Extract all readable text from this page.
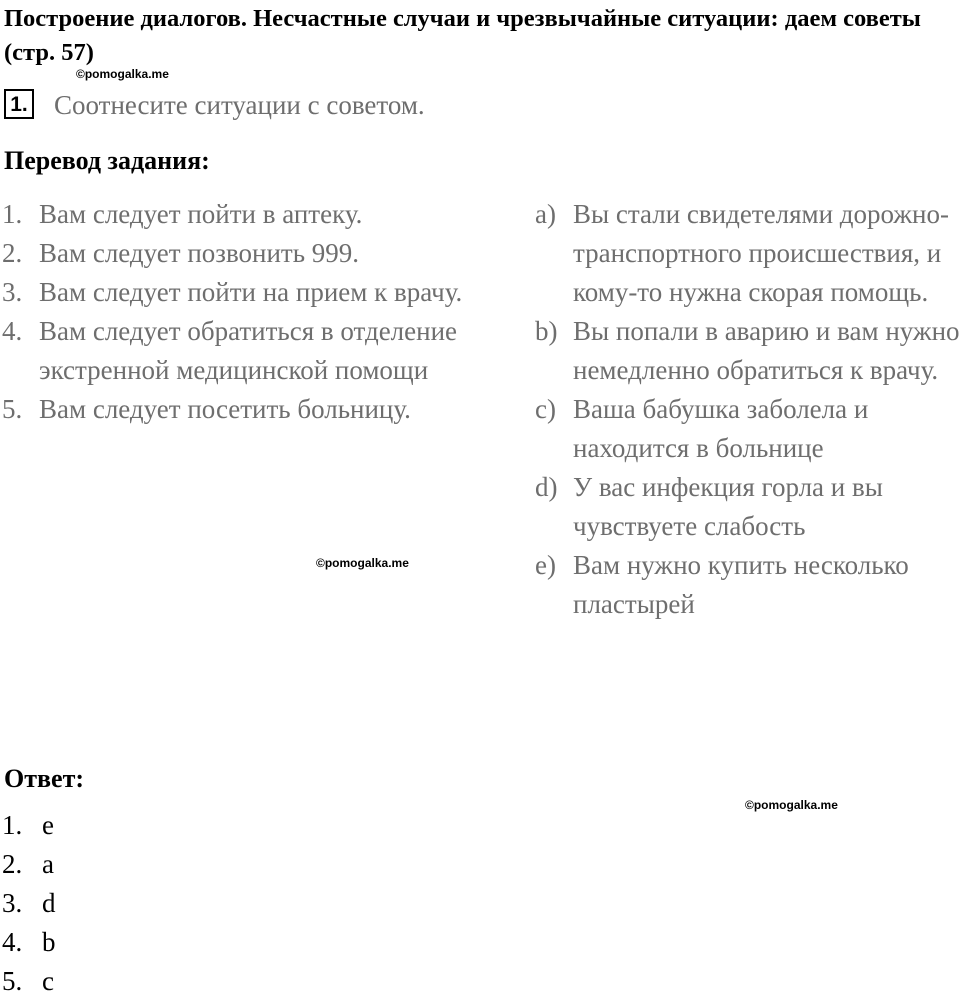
Построение диалогов. Несчастные случаи и чрезвычайные ситуации: даем советы (стр. 57)
©pomogalka.me
1. Соотнесите ситуации с советом.
Перевод задания:
1. Вам следует пойти в аптеку.
2. Вам следует позвонить 999.
3. Вам следует пойти на прием к врачу.
4. Вам следует обратиться в отделение экстренной медицинской помощи
5. Вам следует посетить больницу.
a) Вы стали свидетелями дорожно-транспортного происшествия, и кому-то нужна скорая помощь.
b) Вы попали в аварию и вам нужно немедленно обратиться к врачу.
c) Ваша бабушка заболела и находится в больнице
d) У вас инфекция горла и вы чувствуете слабость
e) Вам нужно купить несколько пластырей
©pomogalka.me
Ответ:
©pomogalka.me
1. e
2. a
3. d
4. b
5. c
